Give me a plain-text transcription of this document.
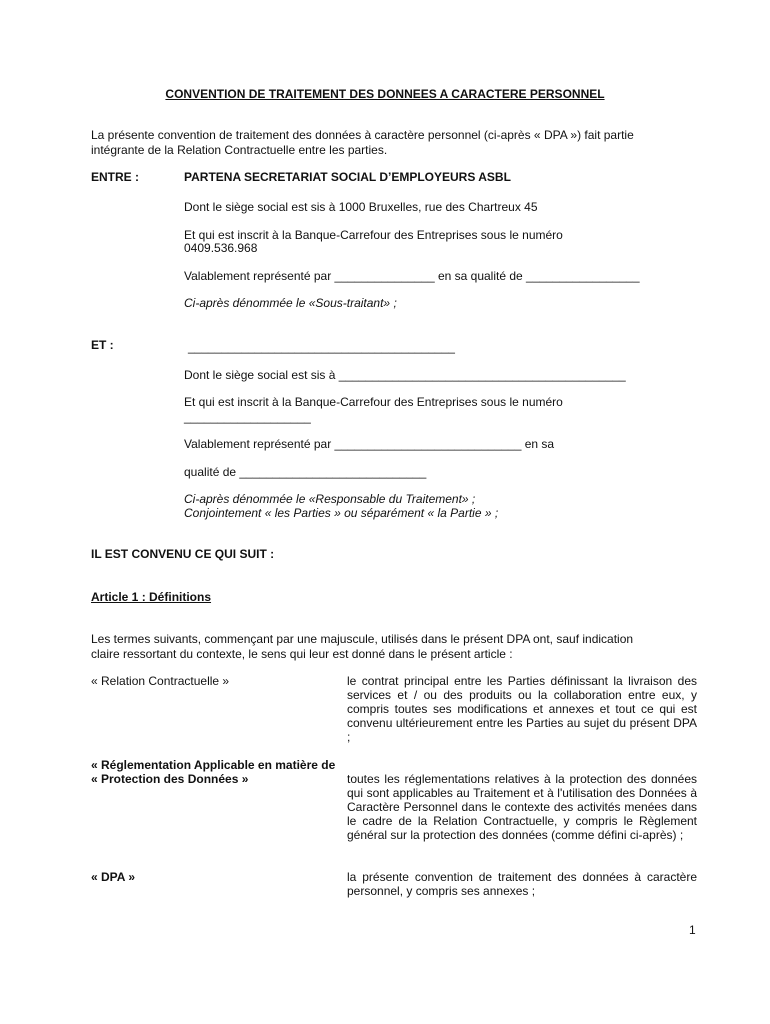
CONVENTION DE TRAITEMENT DES DONNEES A CARACTERE PERSONNEL
La présente convention de traitement des données à caractère personnel (ci-après « DPA ») fait partie
intégrante de la Relation Contractuelle entre les parties.
ENTRE :	PARTENA SECRETARIAT SOCIAL D’EMPLOYEURS ASBL
Dont le siège social est sis à 1000 Bruxelles, rue des Chartreux 45
Et qui est inscrit à la Banque-Carrefour des Entreprises sous le numéro
0409.536.968
Valablement représenté par _______________ en sa qualité de _________________
Ci-après dénommée le «Sous-traitant» ;
ET :	________________________________________
Dont le siège social est sis à ___________________________________________
Et qui est inscrit à la Banque-Carrefour des Entreprises sous le numéro
___________________
Valablement représenté par ____________________________ en sa
qualité de ____________________________
Ci-après dénommée le «Responsable du Traitement» ;
Conjointement « les Parties » ou séparément « la Partie » ;
IL EST CONVENU CE QUI SUIT :
Article 1 : Définitions
Les termes suivants, commençant par une majuscule, utilisés dans le présent DPA ont, sauf indication
claire ressortant du contexte, le sens qui leur est donné dans le présent article :
« Relation Contractuelle »	le contrat principal entre les Parties définissant la livraison des services et / ou des produits ou la collaboration entre eux, y compris toutes ses modifications et annexes et tout ce qui est convenu ultérieurement entre les Parties au sujet du présent DPA ;
« Réglementation Applicable en matière de
« Protection des Données »	toutes les réglementations relatives à la protection des données qui sont applicables au Traitement et à l'utilisation des Données à Caractère Personnel dans le contexte des activités menées dans le cadre de la Relation Contractuelle, y compris le Règlement général sur la protection des données (comme défini ci-après) ;
« DPA »	la présente convention de traitement des données à caractère personnel, y compris ses annexes ;
1
